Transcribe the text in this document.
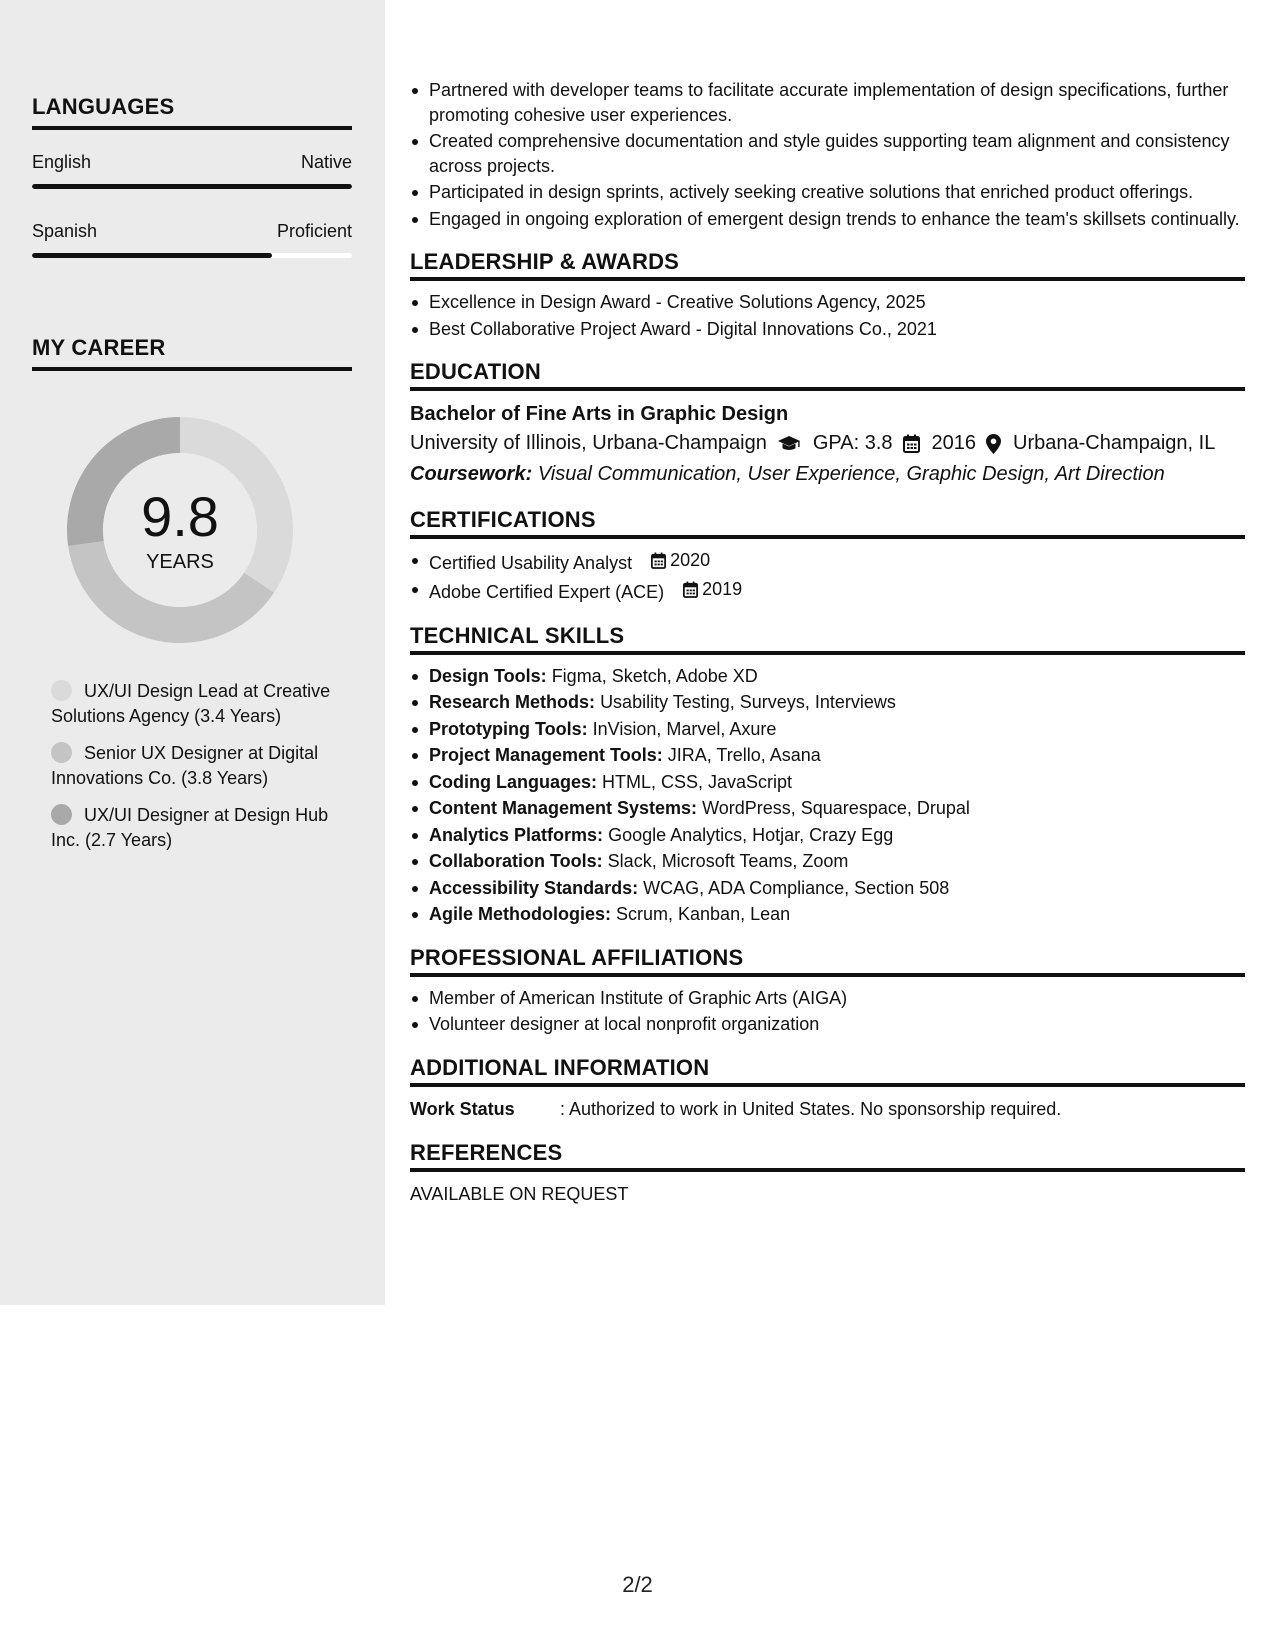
LANGUAGES
English	Native
Spanish	Proficient
MY CAREER
9.8
YEARS
UX/UI Design Lead at Creative Solutions Agency (3.4 Years)
Senior UX Designer at Digital Innovations Co. (3.8 Years)
UX/UI Designer at Design Hub Inc. (2.7 Years)
Partnered with developer teams to facilitate accurate implementation of design specifications, further promoting cohesive user experiences.
Created comprehensive documentation and style guides supporting team alignment and consistency across projects.
Participated in design sprints, actively seeking creative solutions that enriched product offerings.
Engaged in ongoing exploration of emergent design trends to enhance the team's skillsets continually.
LEADERSHIP & AWARDS
Excellence in Design Award - Creative Solutions Agency, 2025
Best Collaborative Project Award - Digital Innovations Co., 2021
EDUCATION
Bachelor of Fine Arts in Graphic Design
University of Illinois, Urbana-Champaign GPA: 3.8 2016 Urbana-Champaign, IL
Coursework: Visual Communication, User Experience, Graphic Design, Art Direction
CERTIFICATIONS
Certified Usability Analyst 2020
Adobe Certified Expert (ACE) 2019
TECHNICAL SKILLS
Design Tools: Figma, Sketch, Adobe XD
Research Methods: Usability Testing, Surveys, Interviews
Prototyping Tools: InVision, Marvel, Axure
Project Management Tools: JIRA, Trello, Asana
Coding Languages: HTML, CSS, JavaScript
Content Management Systems: WordPress, Squarespace, Drupal
Analytics Platforms: Google Analytics, Hotjar, Crazy Egg
Collaboration Tools: Slack, Microsoft Teams, Zoom
Accessibility Standards: WCAG, ADA Compliance, Section 508
Agile Methodologies: Scrum, Kanban, Lean
PROFESSIONAL AFFILIATIONS
Member of American Institute of Graphic Arts (AIGA)
Volunteer designer at local nonprofit organization
ADDITIONAL INFORMATION
Work Status	: Authorized to work in United States. No sponsorship required.
REFERENCES
AVAILABLE ON REQUEST
2/2
